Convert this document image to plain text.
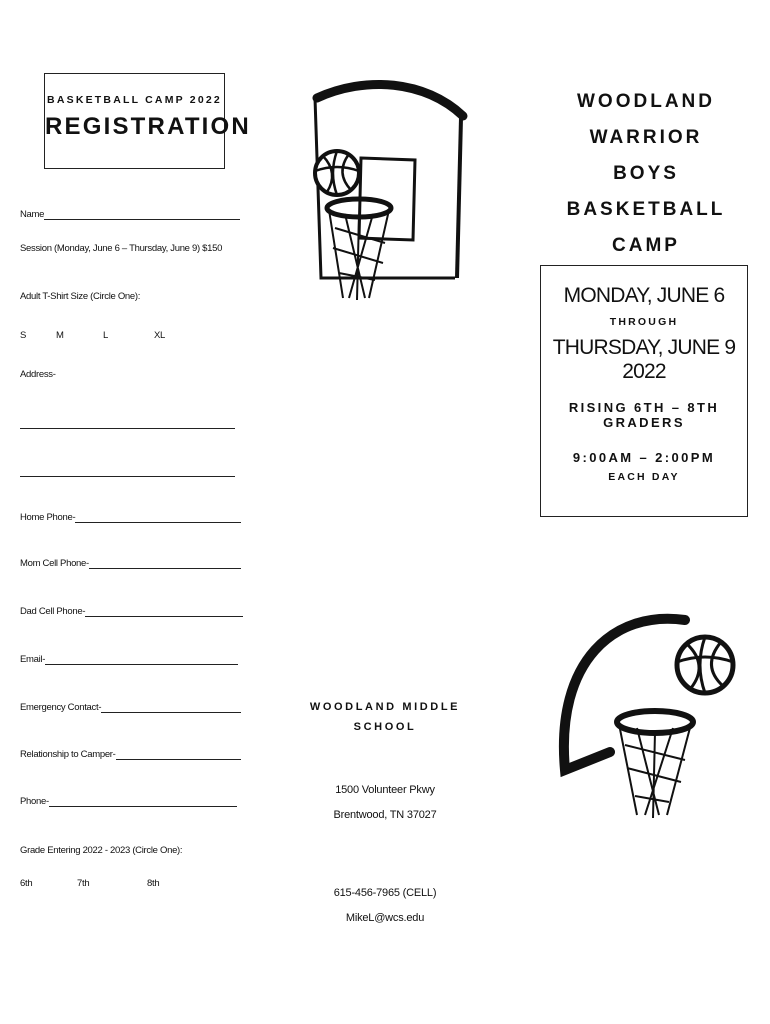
BASKETBALL CAMP 2022
REGISTRATION
Name
Session (Monday, June 6 – Thursday, June 9) $150
Adult T-Shirt Size (Circle One):
S	M	L	XL
Address-
Home Phone-
Mom Cell Phone-
Dad Cell Phone-
Email-
Emergency Contact-
Relationship to Camper-
Phone-
Grade Entering 2022 - 2023 (Circle One):
6th	7th	8th
WOODLAND MIDDLE
SCHOOL
1500 Volunteer Pkwy
Brentwood, TN 37027
615-456-7965 (CELL)
MikeL@wcs.edu
WOODLAND WARRIOR
BOYS BASKETBALL
CAMP
MONDAY, JUNE 6
THROUGH
THURSDAY, JUNE 9
2022
RISING 6TH – 8TH GRADERS
9:00AM – 2:00PM
EACH DAY
